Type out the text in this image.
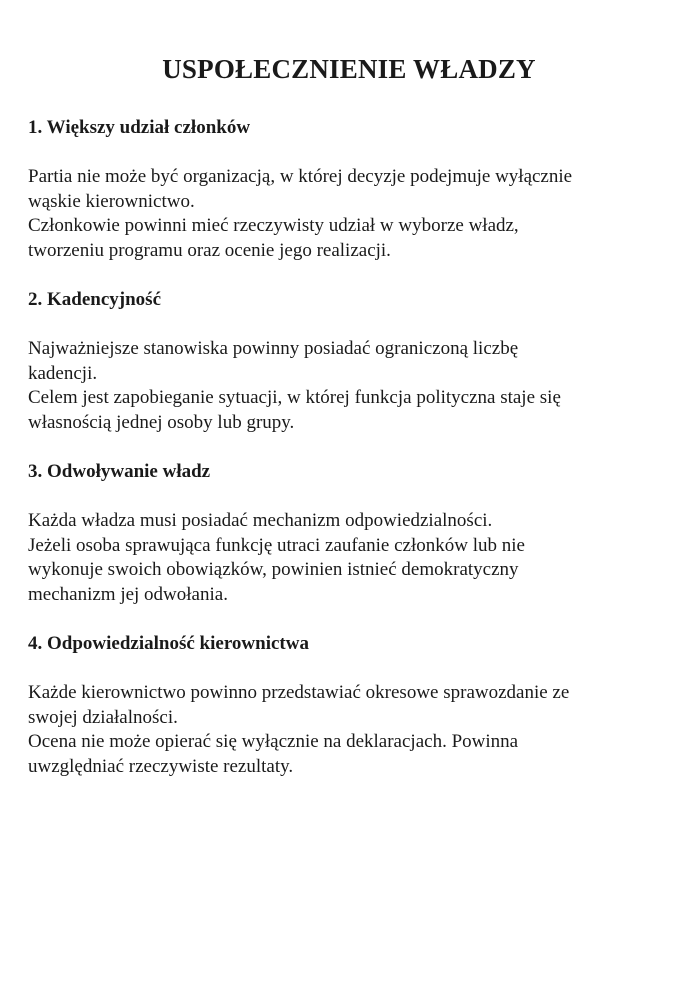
USPOŁECZNIENIE WŁADZY
1. Większy udział członków

Partia nie może być organizacją, w której decyzje podejmuje wyłącznie
wąskie kierownictwo.
Członkowie powinni mieć rzeczywisty udział w wyborze władz,
tworzeniu programu oraz ocenie jego realizacji.

2. Kadencyjność

Najważniejsze stanowiska powinny posiadać ograniczoną liczbę
kadencji.
Celem jest zapobieganie sytuacji, w której funkcja polityczna staje się
własnością jednej osoby lub grupy.

3. Odwoływanie władz

Każda władza musi posiadać mechanizm odpowiedzialności.
Jeżeli osoba sprawująca funkcję utraci zaufanie członków lub nie
wykonuje swoich obowiązków, powinien istnieć demokratyczny
mechanizm jej odwołania.

4. Odpowiedzialność kierownictwa

Każde kierownictwo powinno przedstawiać okresowe sprawozdanie ze
swojej działalności.
Ocena nie może opierać się wyłącznie na deklaracjach. Powinna
uwzględniać rzeczywiste rezultaty.
